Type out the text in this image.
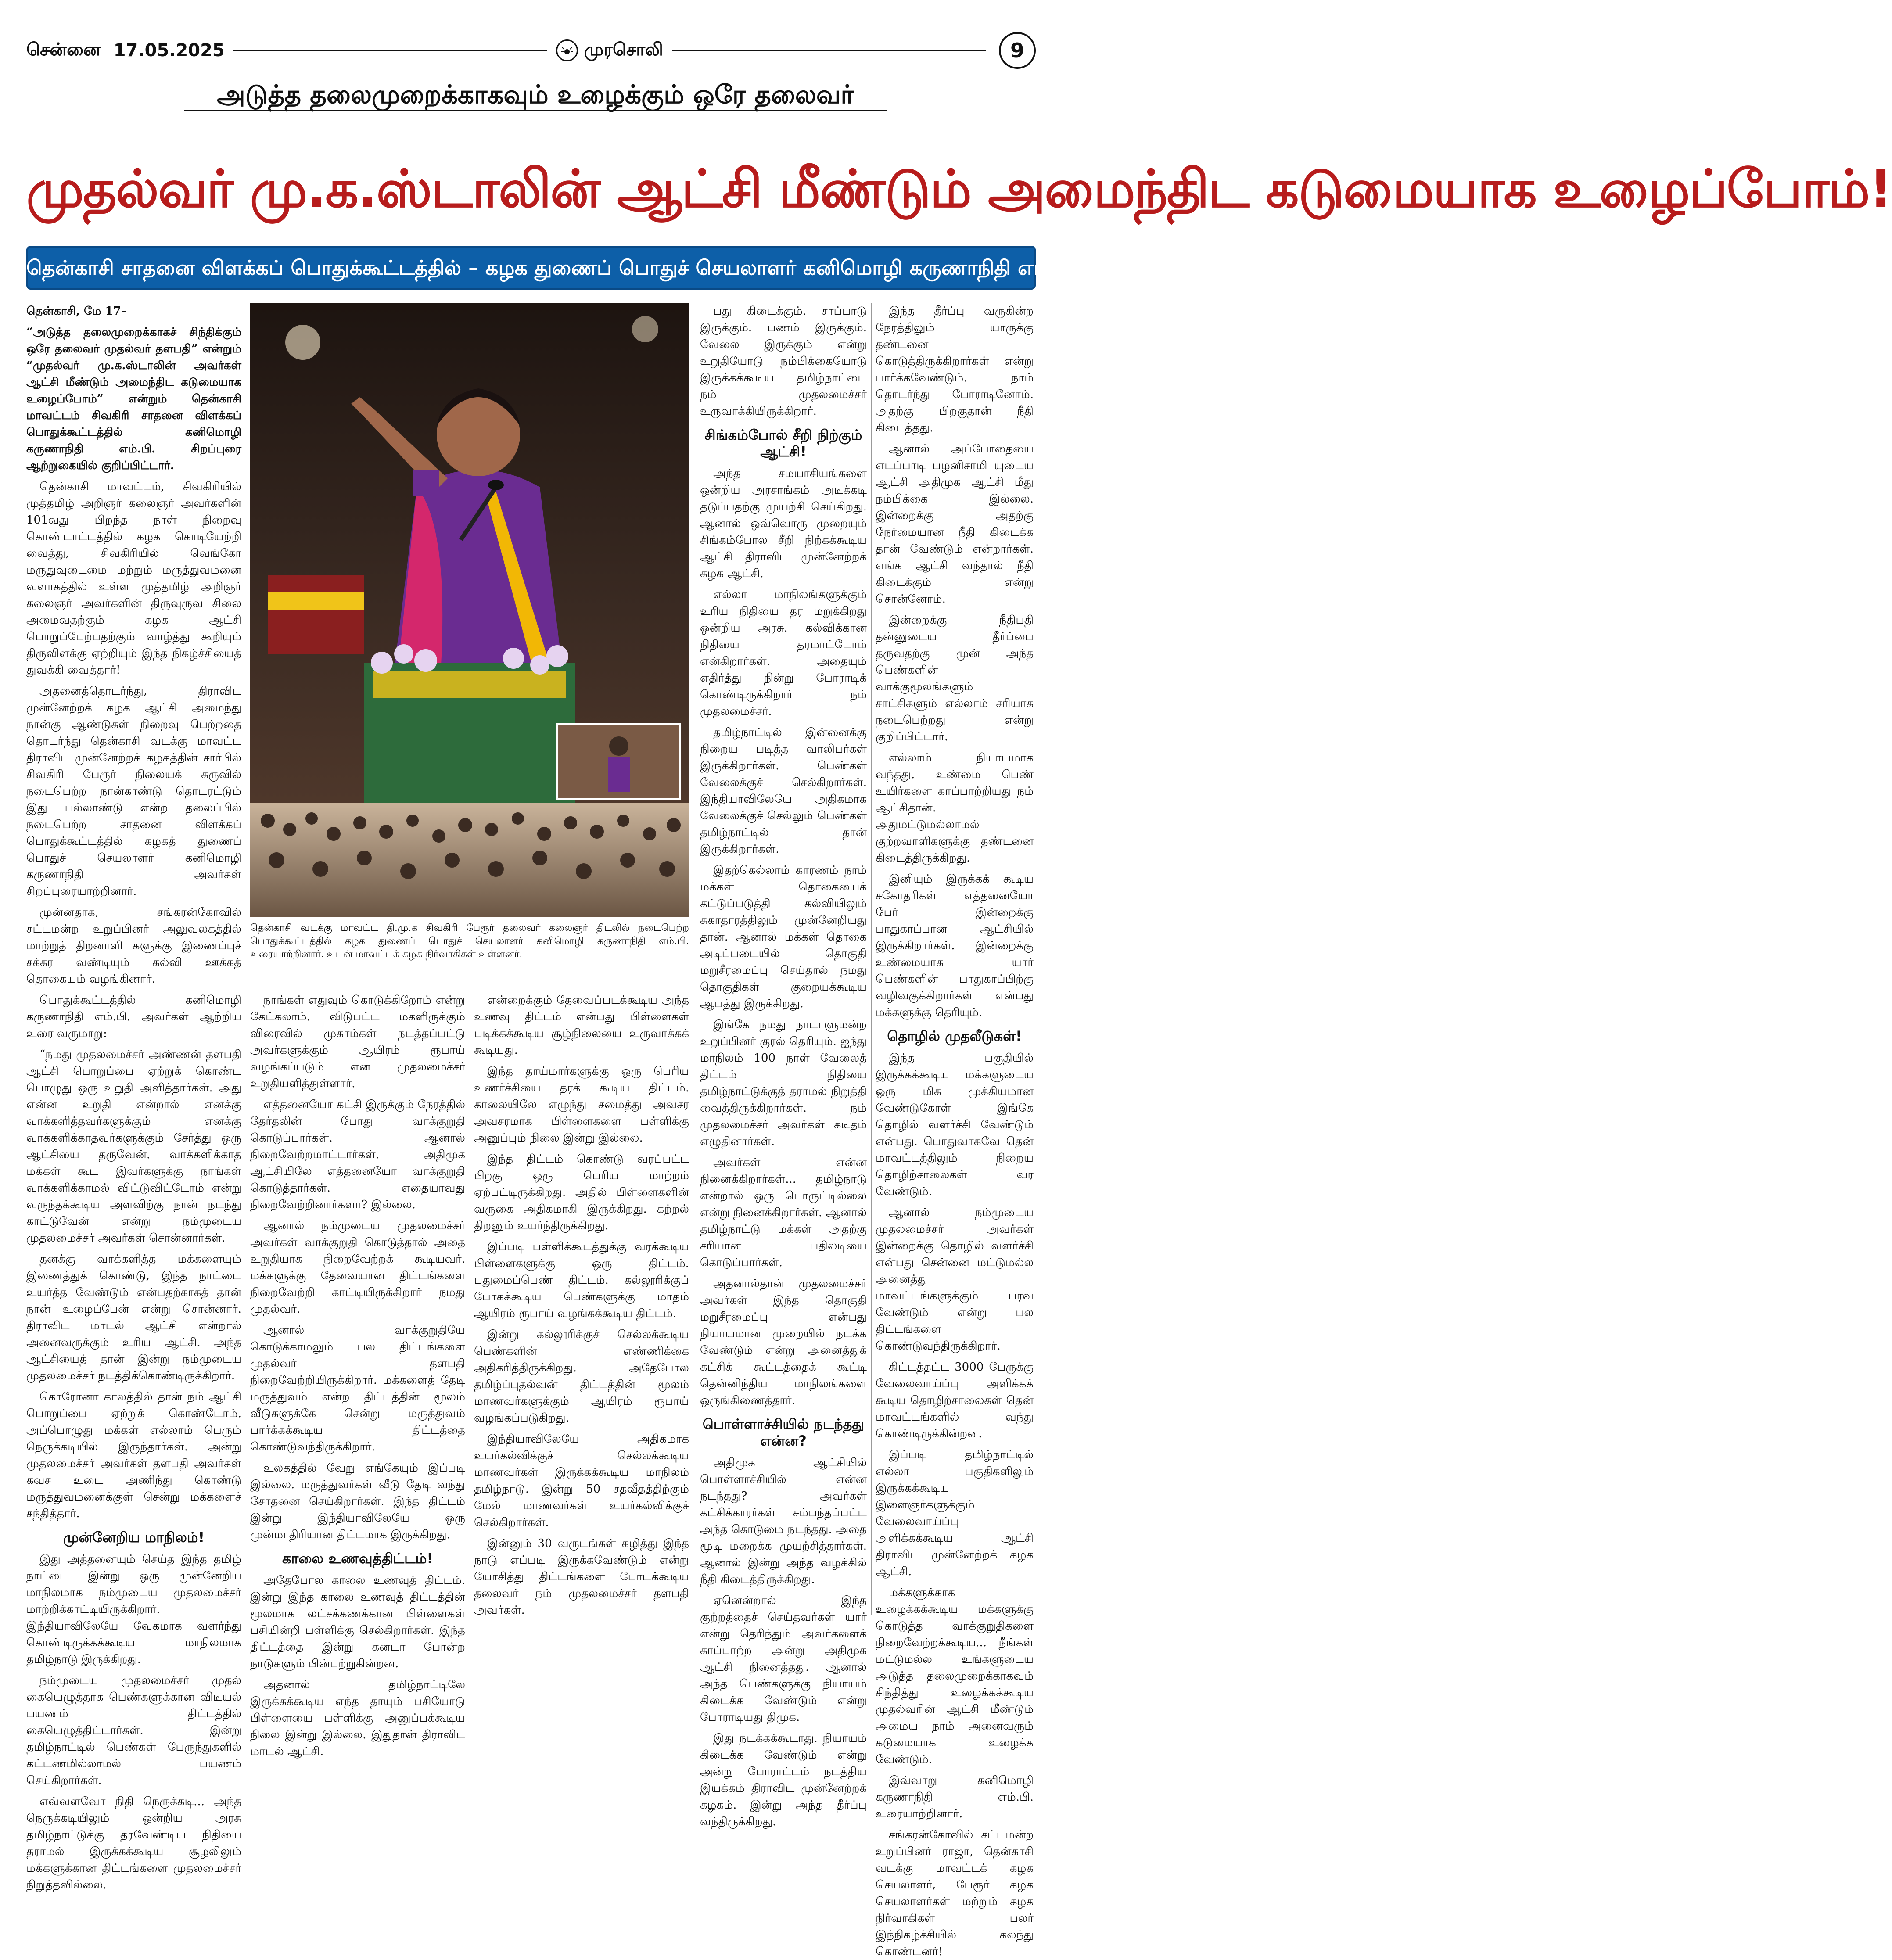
சென்னை 17.05.2025	முரசொலி	9
அடுத்த தலைமுறைக்காகவும் உழைக்கும் ஒரே தலைவர்
முதல்வர் மு.க.ஸ்டாலின் ஆட்சி மீண்டும் அமைந்திட கடுமையாக உழைப்போம்!
தென்காசி சாதனை விளக்கப் பொதுக்கூட்டத்தில் – கழக துணைப் பொதுச் செயலாளர் கனிமொழி கருணாநிதி எம்.பி. பேச்சு!

தென்காசி, மே 17–

“அடுத்த தலைமுறைக்காகச் சிந்திக்கும் ஒரே தலைவர் முதல்வர் தளபதி” என்றும் “முதல்வர் மு.க.ஸ்டாலின் அவர்கள் ஆட்சி மீண்டும் அமைந்திட கடுமையாக உழைப்போம்” என்றும் தென்காசி மாவட்டம் சிவகிரி சாதனை விளக்கப் பொதுக்கூட்டத்தில் கனிமொழி கருணாநிதி எம்.பி. சிறப்புரை ஆற்றுகையில் குறிப்பிட்டார்.

தென்காசி மாவட்டம், சிவகிரியில் முத்தமிழ் அறிஞர் கலைஞர் அவர்களின் 101வது பிறந்த நாள் நிறைவு கொண்டாட்டத்தில் கழக கொடியேற்றி வைத்து, சிவகிரியில் வெங்கோ மருதுவுடைமை மற்றும் மருத்துவமனை வளாகத்தில் உள்ள முத்தமிழ் அறிஞர் கலைஞர் அவர்களின் திருவுருவ சிலை அமைவதற்கும் கழக ஆட்சி பொறுப்பேற்பதற்கும் வாழ்த்து கூறியும் திருவிளக்கு ஏற்றியும் இந்த நிகழ்ச்சியைத் துவக்கி வைத்தார்!

அதனைத்தொடர்ந்து, திராவிட முன்னேற்றக் கழக ஆட்சி அமைந்து நான்கு ஆண்டுகள் நிறைவு பெற்றதை தொடர்ந்து தென்காசி வடக்கு மாவட்ட திராவிட முன்னேற்றக் கழகத்தின் சார்பில் சிவகிரி பேரூர் நிலையக் கருவில் நடைபெற்ற நான்காண்டு தொடரட்டும் இது பல்லாண்டு என்ற தலைப்பில் நடைபெற்ற சாதனை விளக்கப் பொதுக்கூட்டத்தில் கழகத் துணைப் பொதுச் செயலாளர் கனிமொழி கருணாநிதி அவர்கள் சிறப்புரையாற்றினார்.

முன்னதாக, சங்கரன்கோவில் சட்டமன்ற உறுப்பினர் அலுவலகத்தில் மாற்றுத் திறனாளி களுக்கு இணைப்புச் சக்கர வண்டியும் கல்வி ஊக்கத் தொகையும் வழங்கினார்.

பொதுக்கூட்டத்தில் கனிமொழி கருணாநிதி எம்.பி. அவர்கள் ஆற்றிய உரை வருமாறு:

“நமது முதலமைச்சர் அண்ணன் தளபதி ஆட்சி பொறுப்பை ஏற்றுக் கொண்ட பொழுது ஒரு உறுதி அளித்தார்கள். அது என்ன உறுதி என்றால் எனக்கு வாக்களித்தவர்களுக்கும் எனக்கு வாக்களிக்காதவர்களுக்கும் சேர்த்து ஒரு ஆட்சியை தருவேன். வாக்களிக்காத மக்கள் கூட இவர்களுக்கு நாங்கள் வாக்களிக்காமல் விட்டுவிட்டோம் என்று வருந்தக்கூடிய அளவிற்கு நான் நடந்து காட்டுவேன் என்று நம்முடைய முதலமைச்சர் அவர்கள் சொன்னார்கள்.

தனக்கு வாக்களித்த மக்களையும் இணைத்துக் கொண்டு, இந்த நாட்டை உயர்த்த வேண்டும் என்பதற்காகத் தான் நான் உழைப்பேன் என்று சொன்னார். திராவிட மாடல் ஆட்சி என்றால் அனைவருக்கும் உரிய ஆட்சி. அந்த ஆட்சியைத் தான் இன்று நம்முடைய முதலமைச்சர் நடத்திக்கொண்டிருக்கிறார்.

கொரோனா காலத்தில் தான் நம் ஆட்சி பொறுப்பை ஏற்றுக் கொண்டோம். அப்பொழுது மக்கள் எல்லாம் பெரும் நெருக்கடியில் இருந்தார்கள். அன்று முதலமைச்சர் அவர்கள் தளபதி அவர்கள் கவச உடை அணிந்து கொண்டு மருத்துவமனைக்குள் சென்று மக்களைச் சந்தித்தார்.

முன்னேறிய மாநிலம்!

இது அத்தனையும் செய்த இந்த தமிழ் நாட்டை இன்று ஒரு முன்னேறிய மாநிலமாக நம்முடைய முதலமைச்சர் மாற்றிக்காட்டியிருக்கிறார். இந்தியாவிலேயே வேகமாக வளர்ந்து கொண்டிருக்கக்கூடிய மாநிலமாக தமிழ்நாடு இருக்கிறது.

நம்முடைய முதலமைச்சர் முதல் கையெழுத்தாக பெண்களுக்கான விடியல் பயணம் திட்டத்தில் கையெழுத்திட்டார்கள். இன்று தமிழ்நாட்டில் பெண்கள் பேருந்துகளில் கட்டணமில்லாமல் பயணம் செய்கிறார்கள்.

எவ்வளவோ நிதி நெருக்கடி... அந்த நெருக்கடியிலும் ஒன்றிய அரசு தமிழ்நாட்டுக்கு தரவேண்டிய நிதியை தராமல் இருக்கக்கூடிய சூழலிலும் மக்களுக்கான திட்டங்களை முதலமைச்சர் நிறுத்தவில்லை.

தென்காசி வடக்கு மாவட்ட தி.மு.க சிவகிரி பேரூர் தலைவர் கலைஞர் திடலில் நடைபெற்ற பொதுக்கூட்டத்தில் கழக துணைப் பொதுச் செயலாளர் கனிமொழி கருணாநிதி எம்.பி. உரையாற்றினார். உடன் மாவட்டக் கழக நிர்வாகிகள் உள்ளனர்.

நாங்கள் எதுவும் கொடுக்கிறோம் என்று கேட்கலாம். விடுபட்ட மகளிருக்கும் விரைவில் முகாம்கள் நடத்தப்பட்டு அவர்களுக்கும் ஆயிரம் ரூபாய் வழங்கப்படும் என முதலமைச்சர் உறுதியளித்துள்ளார்.

எத்தனையோ கட்சி இருக்கும் நேரத்தில் தேர்தலின் போது வாக்குறுதி கொடுப்பார்கள். ஆனால் நிறைவேற்றமாட்டார்கள். அதிமுக ஆட்சியிலே எத்தனையோ வாக்குறுதி கொடுத்தார்கள். எதையாவது நிறைவேற்றினார்களா? இல்லை.

ஆனால் நம்முடைய முதலமைச்சர் அவர்கள் வாக்குறுதி கொடுத்தால் அதை உறுதியாக நிறைவேற்றக் கூடியவர். மக்களுக்கு தேவையான திட்டங்களை நிறைவேற்றி காட்டியிருக்கிறார் நமது முதல்வர்.

ஆனால் வாக்குறுதியே கொடுக்காமலும் பல திட்டங்களை முதல்வர் தளபதி நிறைவேற்றியிருக்கிறார். மக்களைத் தேடி மருத்துவம் என்ற திட்டத்தின் மூலம் வீடுகளுக்கே சென்று மருத்துவம் பார்க்கக்கூடிய திட்டத்தை கொண்டுவந்திருக்கிறார்.

உலகத்தில் வேறு எங்கேயும் இப்படி இல்லை. மருத்துவர்கள் வீடு தேடி வந்து சோதனை செய்கிறார்கள். இந்த திட்டம் இன்று இந்தியாவிலேயே ஒரு முன்மாதிரியான திட்டமாக இருக்கிறது.

காலை உணவுத்திட்டம்!

அதேபோல காலை உணவுத் திட்டம். இன்று இந்த காலை உணவுத் திட்டத்தின் மூலமாக லட்சக்கணக்கான பிள்ளைகள் பசியின்றி பள்ளிக்கு செல்கிறார்கள். இந்த திட்டத்தை இன்று கனடா போன்ற நாடுகளும் பின்பற்றுகின்றன.

அதனால் தமிழ்நாட்டிலே இருக்கக்கூடிய எந்த தாயும் பசியோடு பிள்ளையை பள்ளிக்கு அனுப்பக்கூடிய நிலை இன்று இல்லை. இதுதான் திராவிட மாடல் ஆட்சி.

என்றைக்கும் தேவைப்படக்கூடிய அந்த உணவு திட்டம் என்பது பிள்ளைகள் படிக்கக்கூடிய சூழ்நிலையை உருவாக்கக் கூடியது.

இந்த தாய்மார்களுக்கு ஒரு பெரிய உணர்ச்சியை தரக் கூடிய திட்டம். காலையிலே எழுந்து சமைத்து அவசர அவசரமாக பிள்ளைகளை பள்ளிக்கு அனுப்பும் நிலை இன்று இல்லை.

இந்த திட்டம் கொண்டு வரப்பட்ட பிறகு ஒரு பெரிய மாற்றம் ஏற்பட்டிருக்கிறது. அதில் பிள்ளைகளின் வருகை அதிகமாகி இருக்கிறது. கற்றல் திறனும் உயர்ந்திருக்கிறது.

இப்படி பள்ளிக்கூடத்துக்கு வரக்கூடிய பிள்ளைகளுக்கு ஒரு திட்டம். புதுமைப்பெண் திட்டம். கல்லூரிக்குப் போகக்கூடிய பெண்களுக்கு மாதம் ஆயிரம் ரூபாய் வழங்கக்கூடிய திட்டம்.

இன்று கல்லூரிக்குச் செல்லக்கூடிய பெண்களின் எண்ணிக்கை அதிகரித்திருக்கிறது. அதேபோல தமிழ்ப்புதல்வன் திட்டத்தின் மூலம் மாணவர்களுக்கும் ஆயிரம் ரூபாய் வழங்கப்படுகிறது.

இந்தியாவிலேயே அதிகமாக உயர்கல்விக்குச் செல்லக்கூடிய மாணவர்கள் இருக்கக்கூடிய மாநிலம் தமிழ்நாடு. இன்று 50 சதவீதத்திற்கும் மேல் மாணவர்கள் உயர்கல்விக்குச் செல்கிறார்கள்.

இன்னும் 30 வருடங்கள் கழித்து இந்த நாடு எப்படி இருக்கவேண்டும் என்று யோசித்து திட்டங்களை போடக்கூடிய தலைவர் நம் முதலமைச்சர் தளபதி அவர்கள்.

பது கிடைக்கும். சாப்பாடு இருக்கும். பணம் இருக்கும். வேலை இருக்கும் என்று உறுதியோடு நம்பிக்கையோடு இருக்கக்கூடிய தமிழ்நாட்டை நம் முதலமைச்சர் உருவாக்கியிருக்கிறார்.

சிங்கம்போல் சீறி நிற்கும் ஆட்சி!

அந்த சமயாசியங்களை ஒன்றிய அரசாங்கம் அடிக்கடி தடுப்பதற்கு முயற்சி செய்கிறது. ஆனால் ஒவ்வொரு முறையும் சிங்கம்போல சீறி நிற்கக்கூடிய ஆட்சி திராவிட முன்னேற்றக் கழக ஆட்சி.

எல்லா மாநிலங்களுக்கும் உரிய நிதியை தர மறுக்கிறது ஒன்றிய அரசு. கல்விக்கான நிதியை தரமாட்டோம் என்கிறார்கள். அதையும் எதிர்த்து நின்று போராடிக் கொண்டிருக்கிறார் நம் முதலமைச்சர்.

தமிழ்நாட்டில் இன்னைக்கு நிறைய படித்த வாலிபர்கள் இருக்கிறார்கள். பெண்கள் வேலைக்குச் செல்கிறார்கள். இந்தியாவிலேயே அதிகமாக வேலைக்குச் செல்லும் பெண்கள் தமிழ்நாட்டில் தான் இருக்கிறார்கள்.

இதற்கெல்லாம் காரணம் நாம் மக்கள் தொகையைக் கட்டுப்படுத்தி கல்வியிலும் சுகாதாரத்திலும் முன்னேறியது தான். ஆனால் மக்கள் தொகை அடிப்படையில் தொகுதி மறுசீரமைப்பு செய்தால் நமது தொகுதிகள் குறையக்கூடிய ஆபத்து இருக்கிறது.

இங்கே நமது நாடாளுமன்ற உறுப்பினர் குரல் தெரியும். ஐந்து மாநிலம் 100 நாள் வேலைத் திட்டம் நிதியை தமிழ்நாட்டுக்குத் தராமல் நிறுத்தி வைத்திருக்கிறார்கள். நம் முதலமைச்சர் அவர்கள் கடிதம் எழுதினார்கள்.

அவர்கள் என்ன நினைக்கிறார்கள்... தமிழ்நாடு என்றால் ஒரு பொருட்டில்லை என்று நினைக்கிறார்கள். ஆனால் தமிழ்நாட்டு மக்கள் அதற்கு சரியான பதிலடியை கொடுப்பார்கள்.

அதனால்தான் முதலமைச்சர் அவர்கள் இந்த தொகுதி மறுசீரமைப்பு என்பது நியாயமான முறையில் நடக்க வேண்டும் என்று அனைத்துக் கட்சிக் கூட்டத்தைக் கூட்டி தென்னிந்திய மாநிலங்களை ஒருங்கிணைத்தார்.

பொள்ளாச்சியில் நடந்தது என்ன?

அதிமுக ஆட்சியில் பொள்ளாச்சியில் என்ன நடந்தது? அவர்கள் கட்சிக்காரர்கள் சம்பந்தப்பட்ட அந்த கொடுமை நடந்தது. அதை மூடி மறைக்க முயற்சித்தார்கள். ஆனால் இன்று அந்த வழக்கில் நீதி கிடைத்திருக்கிறது.

ஏனென்றால் இந்த குற்றத்தைச் செய்தவர்கள் யார் என்று தெரிந்தும் அவர்களைக் காப்பாற்ற அன்று அதிமுக ஆட்சி நினைத்தது. ஆனால் அந்த பெண்களுக்கு நியாயம் கிடைக்க வேண்டும் என்று போராடியது திமுக.

இது நடக்கக்கூடாது. நியாயம் கிடைக்க வேண்டும் என்று அன்று போராட்டம் நடத்திய இயக்கம் திராவிட முன்னேற்றக் கழகம். இன்று அந்த தீர்ப்பு வந்திருக்கிறது.

இந்த தீர்ப்பு வருகின்ற நேரத்திலும் யாருக்கு தண்டனை கொடுத்திருக்கிறார்கள் என்று பார்க்கவேண்டும். நாம் தொடர்ந்து போராடினோம். அதற்கு பிறகுதான் நீதி கிடைத்தது.

ஆனால் அப்போதையை எடப்பாடி பழனிசாமி யுடைய ஆட்சி அதிமுக ஆட்சி மீது நம்பிக்கை இல்லை. இன்றைக்கு அதற்கு நேர்மையான நீதி கிடைக்க தான் வேண்டும் என்றார்கள். எங்க ஆட்சி வந்தால் நீதி கிடைக்கும் என்று சொன்னோம்.

இன்றைக்கு நீதிபதி தன்னுடைய தீர்ப்பை தருவதற்கு முன் அந்த பெண்களின் வாக்குமூலங்களும் சாட்சிகளும் எல்லாம் சரியாக நடைபெற்றது என்று குறிப்பிட்டார்.

எல்லாம் நியாயமாக வந்தது. உண்மை பெண் உயிர்களை காப்பாற்றியது நம் ஆட்சிதான். அதுமட்டுமல்லாமல் குற்றவாளிகளுக்கு தண்டனை கிடைத்திருக்கிறது.

இனியும் இருக்கக் கூடிய சகோதரிகள் எத்தனையோ பேர் இன்றைக்கு பாதுகாப்பான ஆட்சியில் இருக்கிறார்கள். இன்றைக்கு உண்மையாக யார் பெண்களின் பாதுகாப்பிற்கு வழிவகுக்கிறார்கள் என்பது மக்களுக்கு தெரியும்.

தொழில் முதலீடுகள்!

இந்த பகுதியில் இருக்கக்கூடிய மக்களுடைய ஒரு மிக முக்கியமான வேண்டுகோள் இங்கே தொழில் வளர்ச்சி வேண்டும் என்பது. பொதுவாகவே தென் மாவட்டத்திலும் நிறைய தொழிற்சாலைகள் வர வேண்டும்.

ஆனால் நம்முடைய முதலமைச்சர் அவர்கள் இன்றைக்கு தொழில் வளர்ச்சி என்பது சென்னை மட்டுமல்ல அனைத்து மாவட்டங்களுக்கும் பரவ வேண்டும் என்று பல திட்டங்களை கொண்டுவந்திருக்கிறார்.

கிட்டத்தட்ட 3000 பேருக்கு வேலைவாய்ப்பு அளிக்கக் கூடிய தொழிற்சாலைகள் தென் மாவட்டங்களில் வந்து கொண்டிருக்கின்றன.

இப்படி தமிழ்நாட்டில் எல்லா பகுதிகளிலும் இருக்கக்கூடிய இளைஞர்களுக்கும் வேலைவாய்ப்பு அளிக்கக்கூடிய ஆட்சி திராவிட முன்னேற்றக் கழக ஆட்சி.

மக்களுக்காக உழைக்கக்கூடிய மக்களுக்கு கொடுத்த வாக்குறுதிகளை நிறைவேற்றக்கூடிய... நீங்கள் மட்டுமல்ல உங்களுடைய அடுத்த தலைமுறைக்காகவும் சிந்தித்து உழைக்கக்கூடிய முதல்வரின் ஆட்சி மீண்டும் அமைய நாம் அனைவரும் கடுமையாக உழைக்க வேண்டும்.

இவ்வாறு கனிமொழி கருணாநிதி எம்.பி. உரையாற்றினார்.

சங்கரன்கோவில் சட்டமன்ற உறுப்பினர் ராஜா, தென்காசி வடக்கு மாவட்டக் கழக செயலாளர், பேரூர் கழக செயலாளர்கள் மற்றும் கழக நிர்வாகிகள் பலர் இந்நிகழ்ச்சியில் கலந்து கொண்டனர்!
